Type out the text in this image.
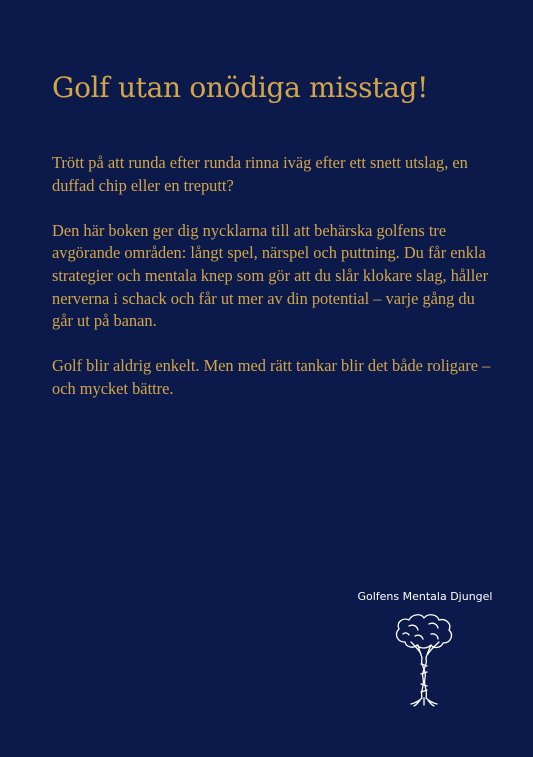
Golf utan onödiga misstag!

Trött på att runda efter runda rinna iväg efter ett snett utslag, en duffad chip eller en treputt?

Den här boken ger dig nycklarna till att behärska golfens tre avgörande områden: långt spel, närspel och puttning. Du får enkla strategier och mentala knep som gör att du slår klokare slag, håller nerverna i schack och får ut mer av din potential – varje gång du går ut på banan.

Golf blir aldrig enkelt. Men med rätt tankar blir det både roligare – och mycket bättre.

Golfens Mentala Djungel
